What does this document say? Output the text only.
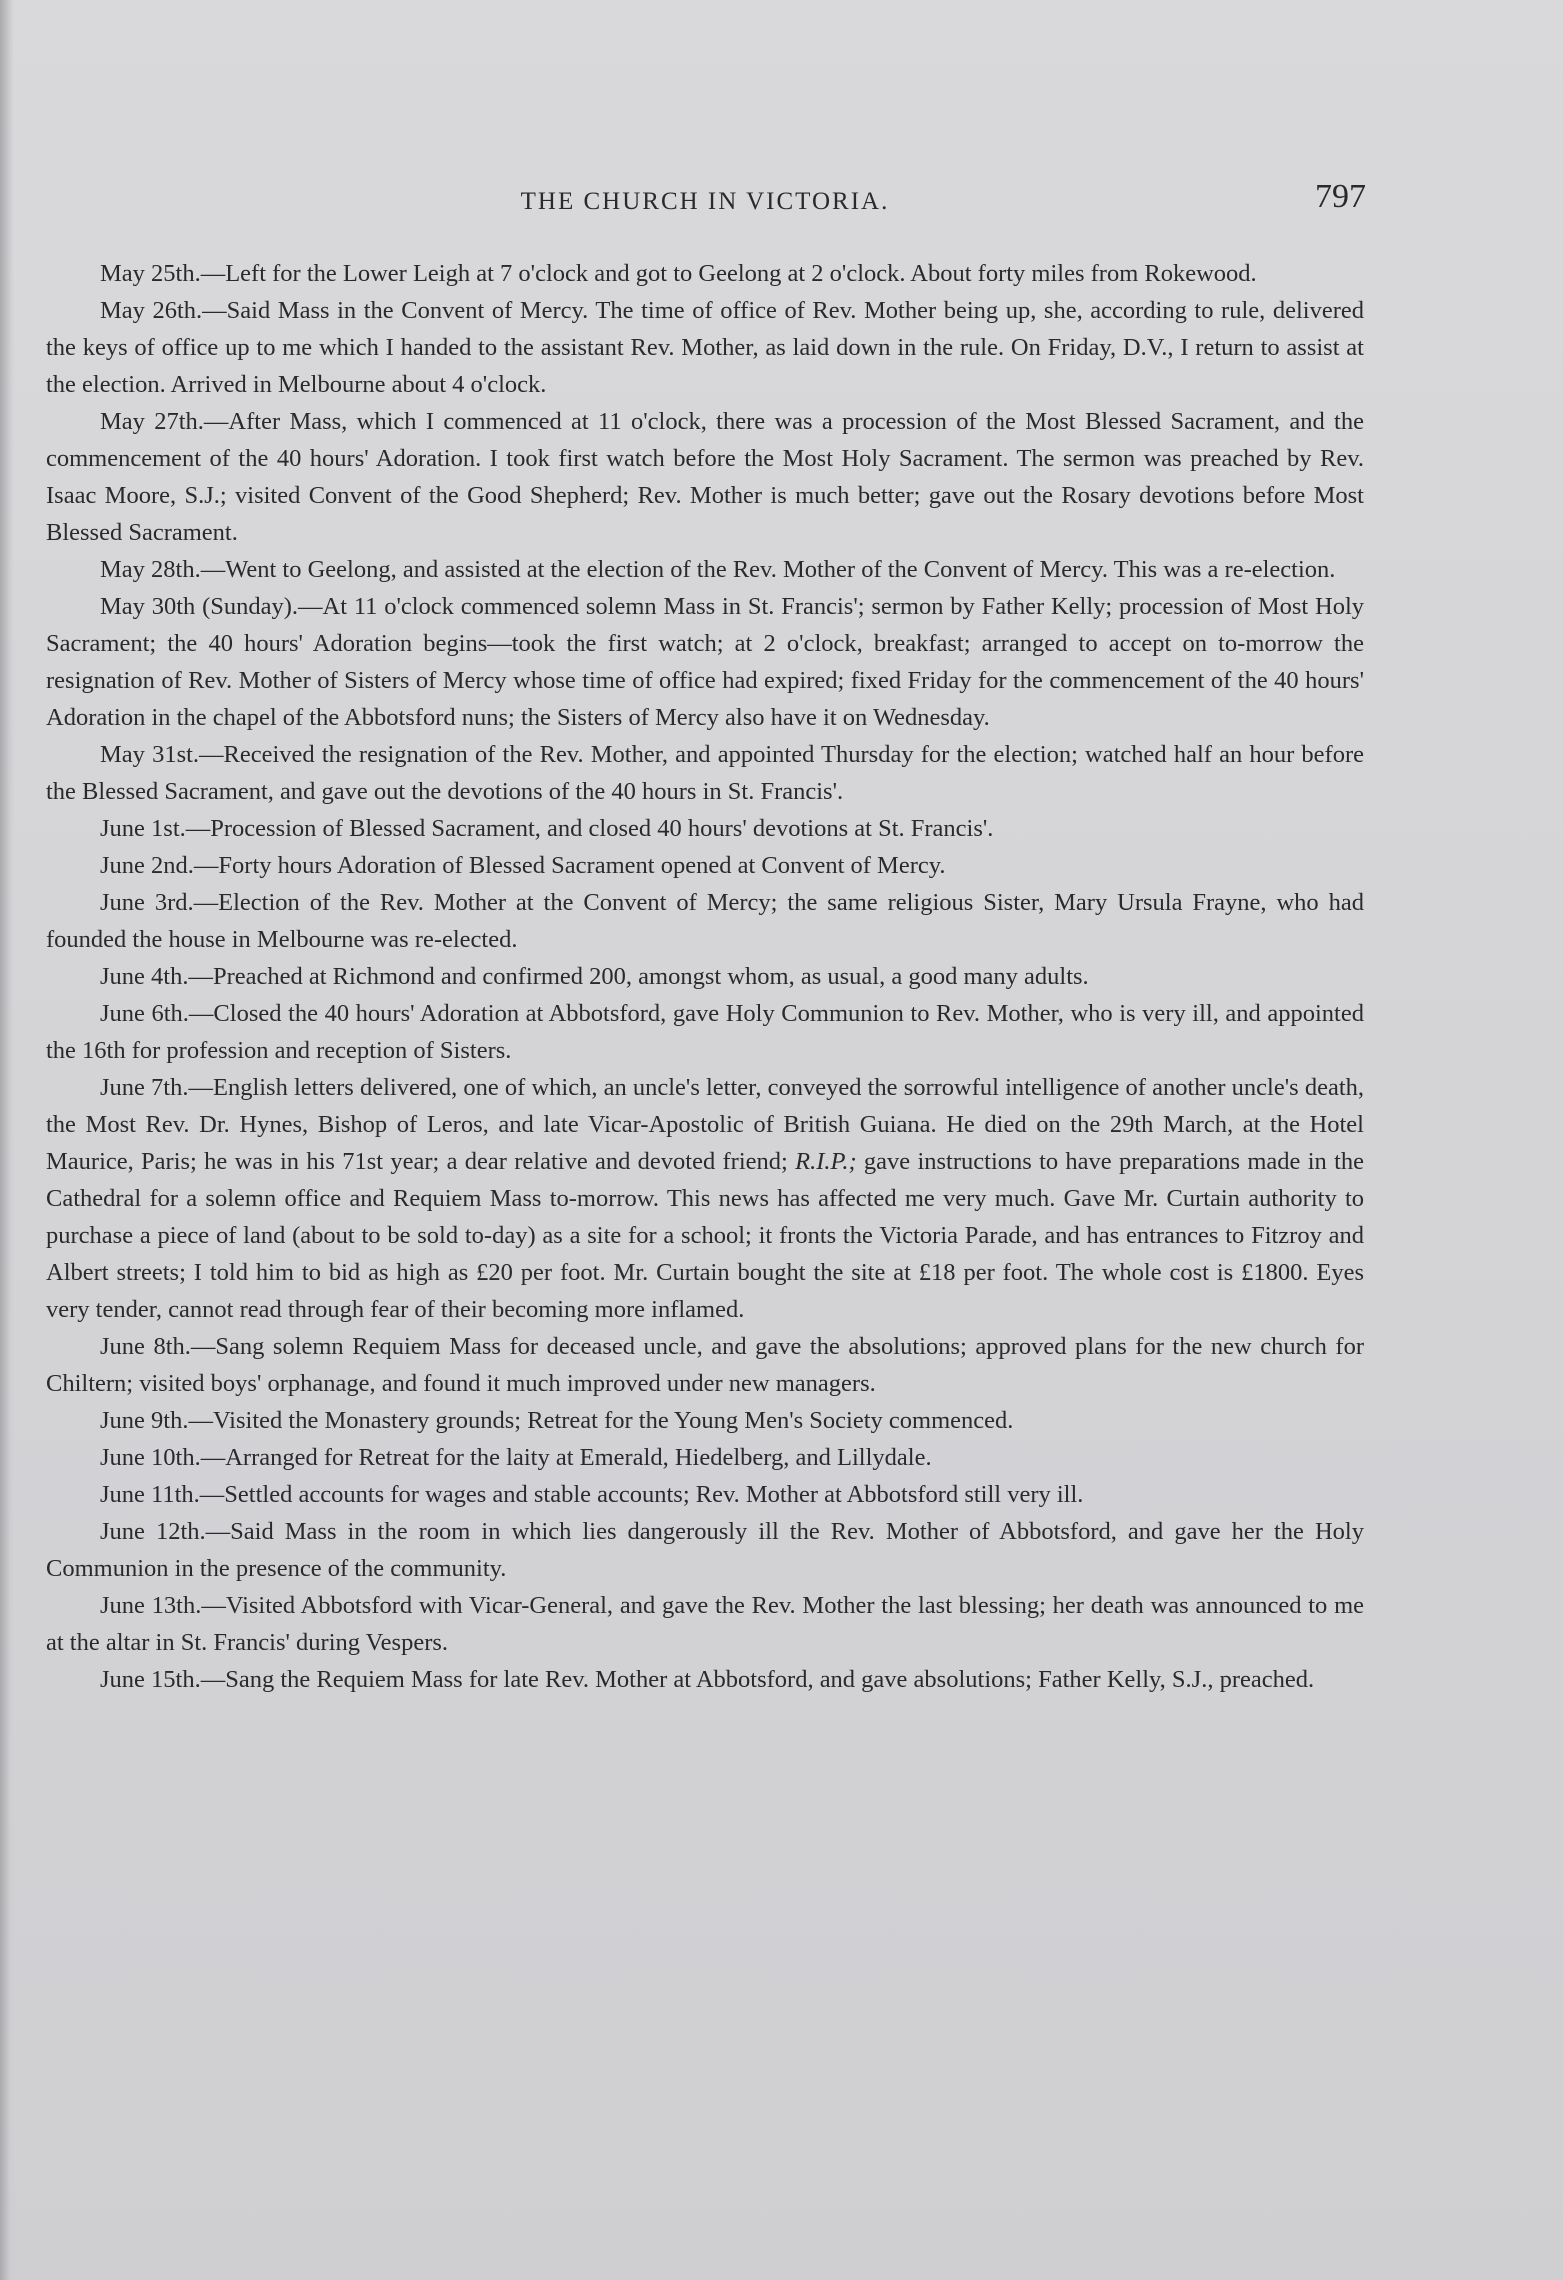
THE CHURCH IN VICTORIA.	797

May 25th.—Left for the Lower Leigh at 7 o'clock and got to Geelong at 2 o'clock. About forty miles from Rokewood.

May 26th.—Said Mass in the Convent of Mercy. The time of office of Rev. Mother being up, she, according to rule, delivered the keys of office up to me which I handed to the assistant Rev. Mother, as laid down in the rule. On Friday, D.V., I return to assist at the election. Arrived in Melbourne about 4 o'clock.

May 27th.—After Mass, which I commenced at 11 o'clock, there was a procession of the Most Blessed Sacrament, and the commencement of the 40 hours' Adoration. I took first watch before the Most Holy Sacrament. The sermon was preached by Rev. Isaac Moore, S.J.; visited Convent of the Good Shepherd; Rev. Mother is much better; gave out the Rosary devotions before Most Blessed Sacrament.

May 28th.—Went to Geelong, and assisted at the election of the Rev. Mother of the Convent of Mercy. This was a re-election.

May 30th (Sunday).—At 11 o'clock commenced solemn Mass in St. Francis'; sermon by Father Kelly; procession of Most Holy Sacrament; the 40 hours' Adoration begins—took the first watch; at 2 o'clock, breakfast; arranged to accept on to-morrow the resignation of Rev. Mother of Sisters of Mercy whose time of office had expired; fixed Friday for the commencement of the 40 hours' Adoration in the chapel of the Abbotsford nuns; the Sisters of Mercy also have it on Wednesday.

May 31st.—Received the resignation of the Rev. Mother, and appointed Thursday for the election; watched half an hour before the Blessed Sacrament, and gave out the devotions of the 40 hours in St. Francis'.

June 1st.—Procession of Blessed Sacrament, and closed 40 hours' devotions at St. Francis'.

June 2nd.—Forty hours Adoration of Blessed Sacrament opened at Convent of Mercy.

June 3rd.—Election of the Rev. Mother at the Convent of Mercy; the same religious Sister, Mary Ursula Frayne, who had founded the house in Melbourne was re-elected.

June 4th.—Preached at Richmond and confirmed 200, amongst whom, as usual, a good many adults.

June 6th.—Closed the 40 hours' Adoration at Abbotsford, gave Holy Communion to Rev. Mother, who is very ill, and appointed the 16th for profession and reception of Sisters.

June 7th.—English letters delivered, one of which, an uncle's letter, conveyed the sorrowful intelligence of another uncle's death, the Most Rev. Dr. Hynes, Bishop of Leros, and late Vicar-Apostolic of British Guiana. He died on the 29th March, at the Hotel Maurice, Paris; he was in his 71st year; a dear relative and devoted friend; R.I.P.; gave instructions to have preparations made in the Cathedral for a solemn office and Requiem Mass to-morrow. This news has affected me very much. Gave Mr. Curtain authority to purchase a piece of land (about to be sold to-day) as a site for a school; it fronts the Victoria Parade, and has entrances to Fitzroy and Albert streets; I told him to bid as high as £20 per foot. Mr. Curtain bought the site at £18 per foot. The whole cost is £1800. Eyes very tender, cannot read through fear of their becoming more inflamed.

June 8th.—Sang solemn Requiem Mass for deceased uncle, and gave the absolutions; approved plans for the new church for Chiltern; visited boys' orphanage, and found it much improved under new managers.

June 9th.—Visited the Monastery grounds; Retreat for the Young Men's Society commenced.

June 10th.—Arranged for Retreat for the laity at Emerald, Hiedelberg, and Lillydale.

June 11th.—Settled accounts for wages and stable accounts; Rev. Mother at Abbotsford still very ill.

June 12th.—Said Mass in the room in which lies dangerously ill the Rev. Mother of Abbotsford, and gave her the Holy Communion in the presence of the community.

June 13th.—Visited Abbotsford with Vicar-General, and gave the Rev. Mother the last blessing; her death was announced to me at the altar in St. Francis' during Vespers.

June 15th.—Sang the Requiem Mass for late Rev. Mother at Abbotsford, and gave absolutions; Father Kelly, S.J., preached.
